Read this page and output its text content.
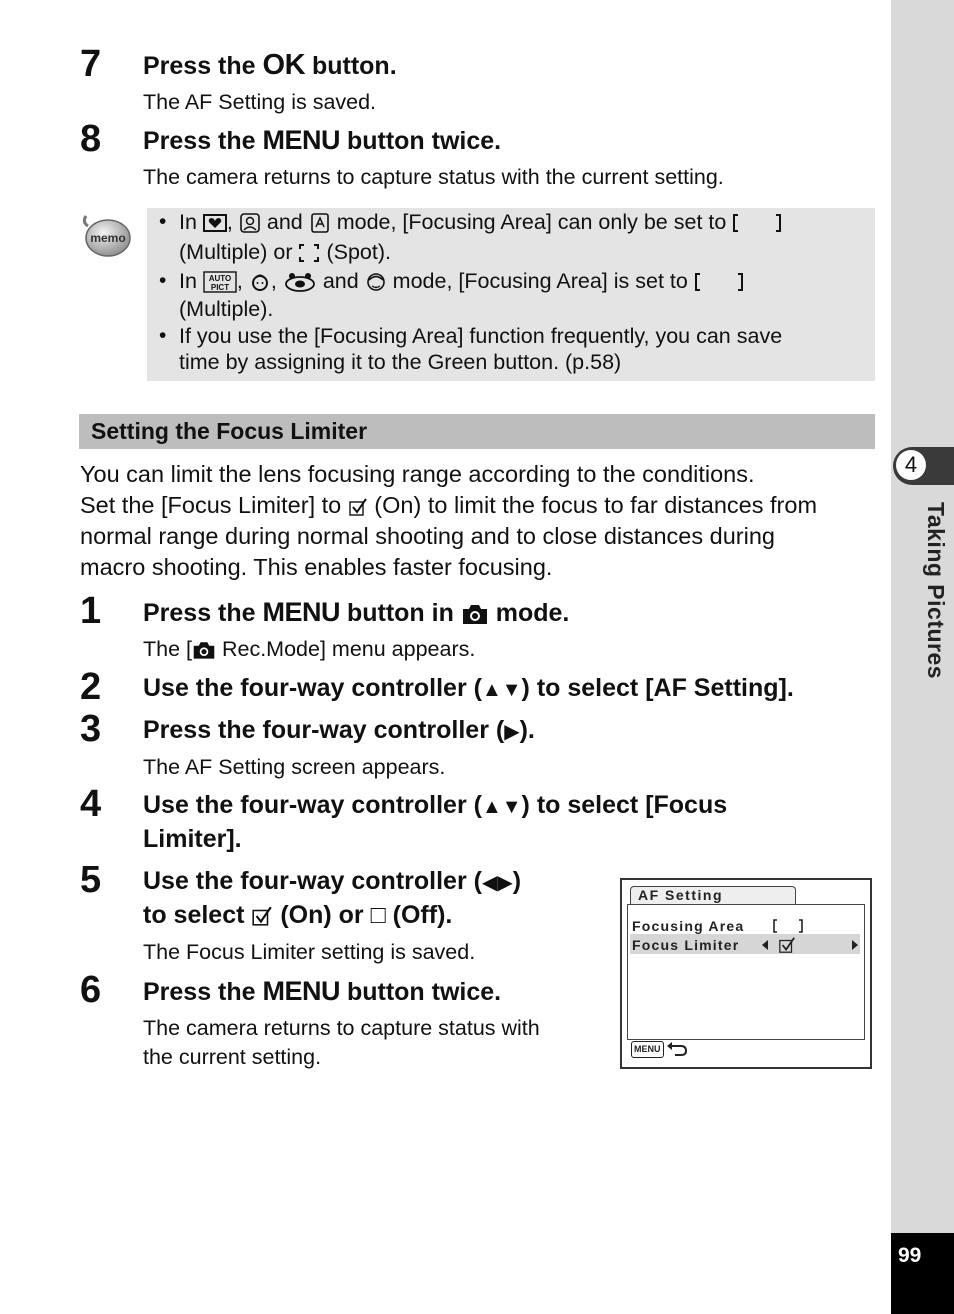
4
Taking Pictures
99
7 Press the OK button.
The AF Setting is saved.
8 Press the MENU button twice.
The camera returns to capture status with the current setting.
memo
• In ,  and mode, [Focusing Area] can only be set to
(Multiple) or (Spot).
• In AUTO
PICT , ,  and mode, [Focusing Area] is set to
(Multiple).
• If you use the [Focusing Area] function frequently, you can save
time by assigning it to the Green button. (p.58)
Setting the Focus Limiter
You can limit the lens focusing range according to the conditions.
Set the [Focus Limiter] to (On) to limit the focus to far distances from
normal range during normal shooting and to close distances during
macro shooting. This enables faster focusing.
1 Press the MENU button in  mode.
The [ Rec.Mode] menu appears.
2 Use the four-way controller (▲▼) to select [AF Setting].
3 Press the four-way controller (▶).
The AF Setting screen appears.
4 Use the four-way controller (▲▼) to select [Focus
Limiter].
5 Use the four-way controller (◀▶)
to select  (On) or □ (Off).
The Focus Limiter setting is saved.
6 Press the MENU button twice.
The camera returns to capture status with
the current setting.
AF Setting
Focusing Area
Focus Limiter
MENU
